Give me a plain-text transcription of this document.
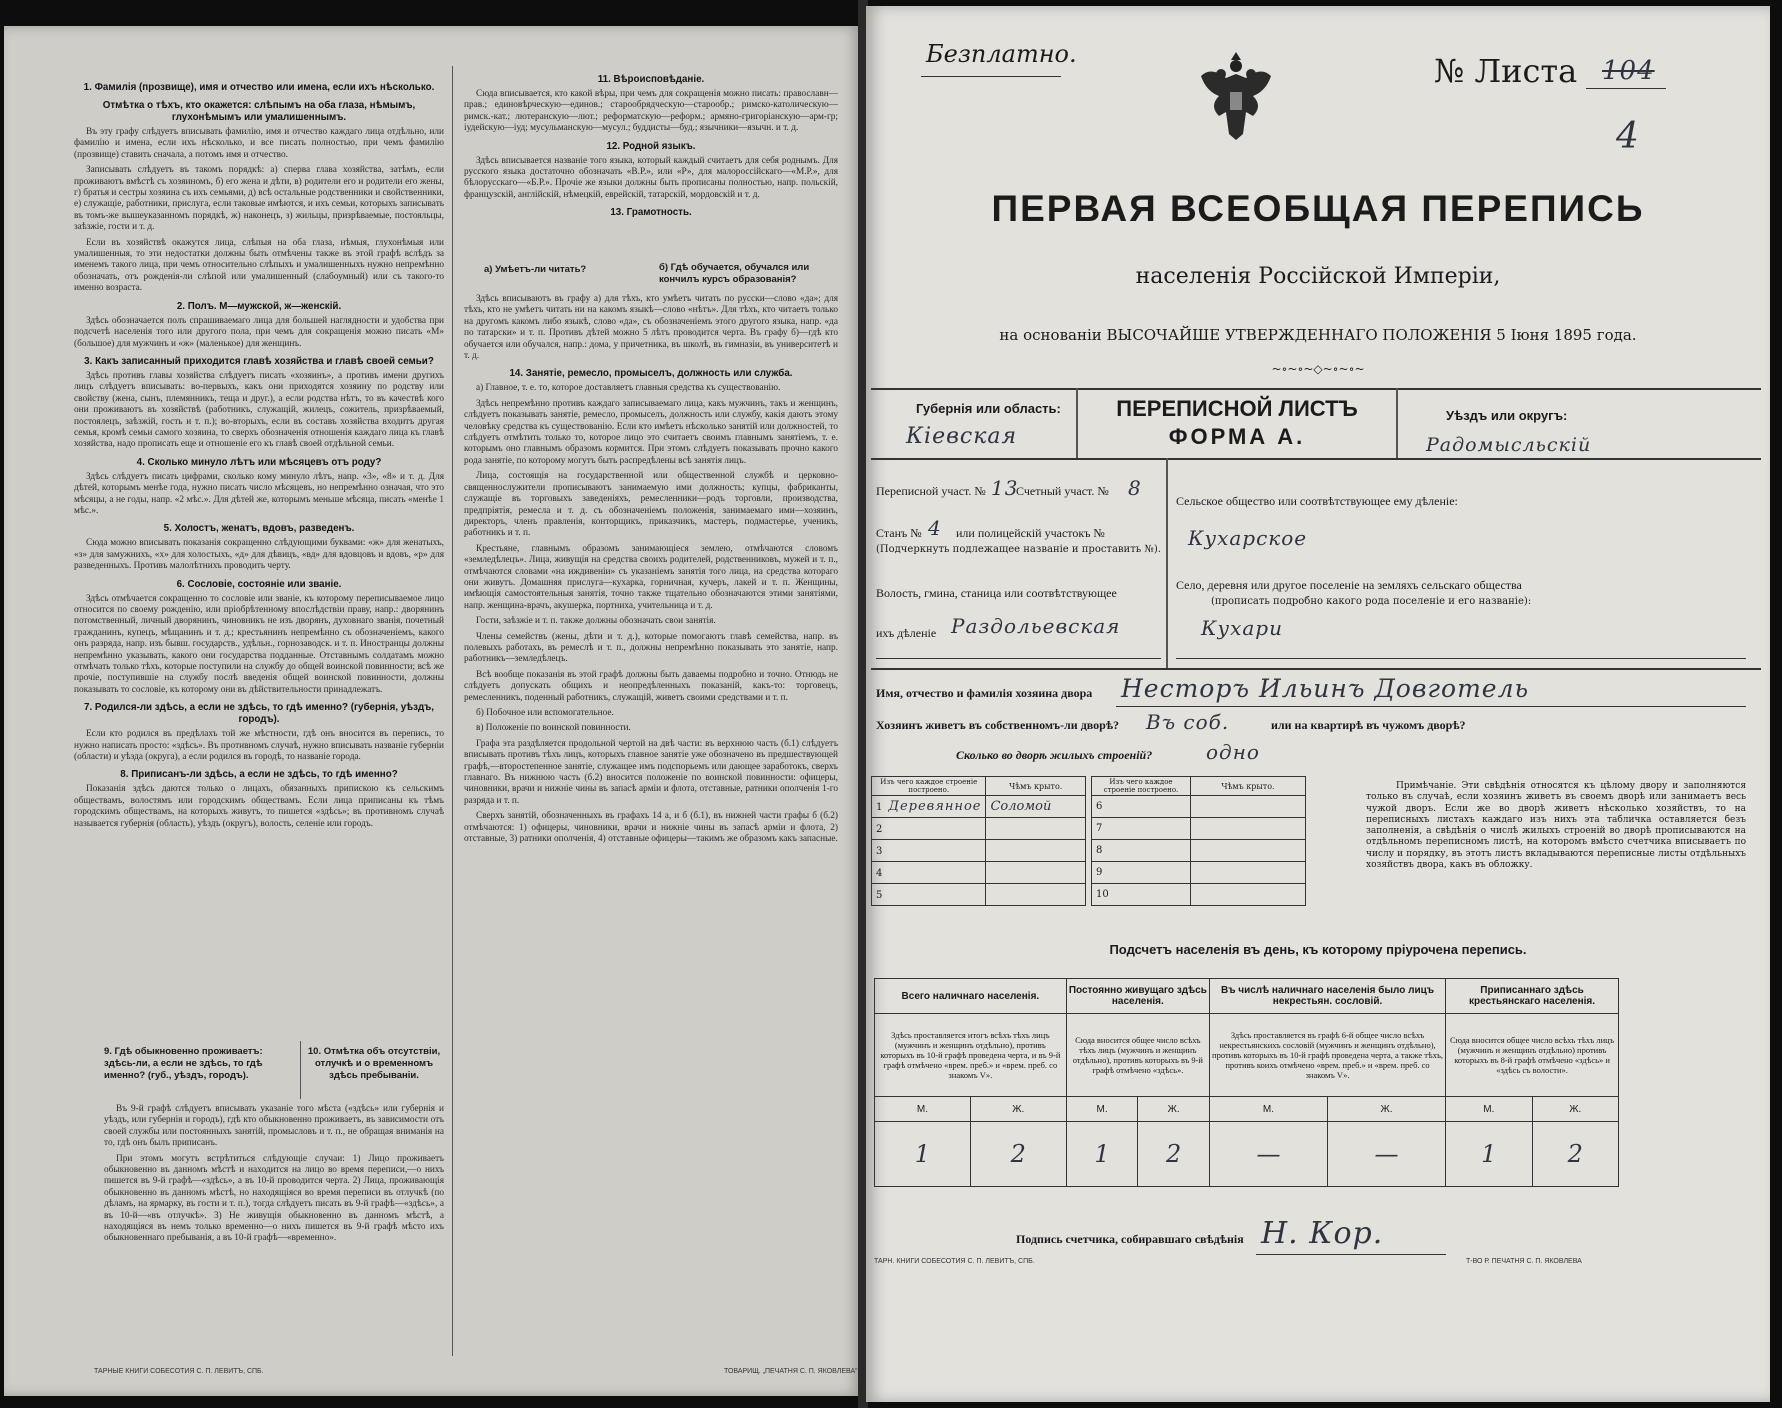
1. Фамилія (прозвище), имя и отчество или имена, если ихъ нѣсколько.
Отмѣтка о тѣхъ, кто окажется: слѣпымъ на оба глаза, нѣмымъ, глухонѣмымъ или умалишеннымъ.

Въ эту графу слѣдуетъ вписывать фамилію, имя и отчество каждаго лица отдѣльно, или фамилію и имена, если ихъ нѣсколько, и все писать полностью, при чемъ фамилію (прозвище) ставить сначала, а потомъ имя и отчество.

Записывать слѣдуетъ въ такомъ порядкѣ: а) сперва глава хозяйства, затѣмъ, если проживаютъ вмѣстѣ съ хозяиномъ, б) его жена и дѣти, в) родители его и родители его жены, г) братья и сестры хозяина съ ихъ семьями, д) всѣ остальные родственники и свойственники, е) служащіе, работники, прислуга, если таковые имѣются, и ихъ семьи, которыхъ записывать въ томъ-же вышеуказанномъ порядкѣ, ж) наконецъ, з) жильцы, призрѣваемые, постояльцы, заѣзжіе, гости и т. д.

Если въ хозяйствѣ окажутся лица, слѣпыя на оба глаза, нѣмыя, глухонѣмыя или умалишенныя, то эти недостатки должны быть отмѣчены также въ этой графѣ вслѣдъ за именемъ такого лица, при чемъ относительно слѣпыхъ и умалишенныхъ нужно непремѣнно обозначать, отъ рожденія-ли слѣпой или умалишенный (слабоумный) или съ такого-то именно возраста.

2. Полъ. М—мужской, ж—женскій.

Здѣсь обозначается полъ спрашиваемаго лица для большей наглядности и удобства при подсчетѣ населенія того или другого пола, при чемъ для сокращенія можно писать «М» (большое) для мужчинъ и «ж» (маленькое) для женщинъ.

3. Какъ записанный приходится главѣ хозяйства и главѣ своей семьи?

Здѣсь противъ главы хозяйства слѣдуетъ писать «хозяинъ», а противъ имени другихъ лицъ слѣдуетъ вписывать: во-первыхъ, какъ они приходятся хозяину по родству или свойству (жена, сынъ, племянникъ, теща и друг.), а если родства нѣтъ, то въ качествѣ кого они проживаютъ въ хозяйствѣ (работникъ, служащій, жилецъ, сожитель, призрѣваемый, постоялецъ, заѣзжій, гость и т. п.); во-вторыхъ, если въ составъ хозяйства входитъ другая семья, кромѣ семьи самого хозяина, то сверхъ обозначенія отношенія каждаго лица къ главѣ хозяйства, надо прописать еще и отношеніе его къ главѣ своей отдѣльной семьи.

4. Сколько минуло лѣтъ или мѣсяцевъ отъ роду?

Здѣсь слѣдуетъ писать цифрами, сколько кому минуло лѣтъ, напр. «3», «8» и т. д. Для дѣтей, которымъ менѣе года, нужно писать число мѣсяцевъ, но непремѣнно означая, что это мѣсяцы, а не годы, напр. «2 мѣс.». Для дѣтей же, которымъ меньше мѣсяца, писать «менѣе 1 мѣс.».

5. Холостъ, женатъ, вдовъ, разведенъ.

Сюда можно вписывать показанія сокращенно слѣдующими буквами: «ж» для женатыхъ, «з» для замужнихъ, «х» для холостыхъ, «д» для дѣвицъ, «вд» для вдовцовъ и вдовъ, «р» для разведенныхъ. Противъ малолѣтнихъ проводить черту.

6. Сословіе, состояніе или званіе.

Здѣсь отмѣчается сокращенно то сословіе или званіе, къ которому переписываемое лицо относится по своему рожденію, или пріобрѣтенному впослѣдствіи праву, напр.: дворянинъ потомственный, личный дворянинъ, чиновникъ не изъ дворянъ, духовнаго званія, почетный гражданинъ, купецъ, мѣщанинъ и т. д.; крестьянинъ непремѣнно съ обозначеніемъ, какого онъ разряда, напр. изъ бывш. государств., удѣльн., горнозаводск. и т. п. Иностранцы должны непремѣнно указывать, какого они государства подданные. Отставнымъ солдатамъ можно отмѣчать только тѣхъ, которые поступили на службу до общей воинской повинности; всѣ же прочіе, поступившіе на службу послѣ введенія общей воинской повинности, должны показывать то сословіе, къ которому они въ дѣйствительности принадлежатъ.

7. Родился-ли здѣсь, а если не здѣсь, то гдѣ именно? (губернія, уѣздъ, городъ).

Если кто родился въ предѣлахъ той же мѣстности, гдѣ онъ вносится въ перепись, то нужно написать просто: «здѣсь». Въ противномъ случаѣ, нужно вписывать названіе губерніи (области) и уѣзда (округа), а если родился въ городѣ, то названіе города.

8. Приписанъ-ли здѣсь, а если не здѣсь, то гдѣ именно?

Показанія здѣсь даются только о лицахъ, обязанныхъ припискою къ сельскимъ обществамъ, волостямъ или городскимъ обществамъ. Если лица приписаны къ тѣмъ городскимъ обществамъ, на которыхъ живутъ, то пишется «здѣсь»; въ противномъ случаѣ называется губернія (область), уѣздъ (округъ), волость, селеніе или городъ.

9. Гдѣ обыкновенно проживаетъ: здѣсь-ли, а если не здѣсь, то гдѣ именно? (губ., уѣздъ, городъ).
10. Отмѣтка объ отсутствіи, отлучкѣ и о временномъ здѣсь пребываніи.

Въ 9-й графѣ слѣдуетъ вписывать указаніе того мѣста («здѣсь» или губернія и уѣздъ, или губернія и городъ), гдѣ кто обыкновенно проживаетъ, въ зависимости отъ своей службы или постоянныхъ занятій, промысловъ и т. п., не обращая вниманія на то, гдѣ онъ былъ приписанъ.

При этомъ могутъ встрѣтиться слѣдующіе случаи: 1) Лицо проживаетъ обыкновенно въ данномъ мѣстѣ и находится на лицо во время переписи,—о нихъ пишется въ 9-й графѣ—«здѣсь», а въ 10-й проводится черта. 2) Лица, проживающія обыкновенно въ данномъ мѣстѣ, но находящіяся во время переписи въ отлучкѣ (по дѣламъ, на ярмарку, въ гости и т. п.), тогда слѣдуетъ писать въ 9-й графѣ—«здѣсь», а въ 10-й—«въ отлучкѣ». 3) Не живущія обыкновенно въ данномъ мѣстѣ, а находящіяся въ немъ только временно—о нихъ пишется въ 9-й графѣ мѣсто ихъ обыкновеннаго пребыванія, а въ 10-й графѣ—«временно».

11. Вѣроисповѣданіе.

Сюда вписывается, кто какой вѣры, при чемъ для сокращенія можно писать: православн—прав.; единовѣрческую—единов.; старообрядческую—старообр.; римско-католическую—римск.-кат.; лютеранскую—лют.; реформатскую—реформ.; армяно-григоріанскую—арм-гр; іудейскую—іуд; мусульманскую—мусул.; буддисты—буд.; язычники—язычн. и т. д.

12. Родной языкъ.

Здѣсь вписывается названіе того языка, который каждый считаетъ для себя роднымъ. Для русского языка достаточно обозначать «В.Р.», или «Р», для малороссійскаго—«М.Р.», для бѣлорусскаго—«Б.Р.». Прочіе же языки должны быть прописаны полностью, напр. польскій, французскій, англійскій, нѣмецкій, еврейскій, татарскій, мордовскій и т. д.

13. Грамотность.
а) Умѣетъ-ли читать?	б) Гдѣ обучается, обучался или кончилъ курсъ образованія?

Здѣсь вписываютъ въ графу а) для тѣхъ, кто умѣетъ читать по русски—слово «да»; для тѣхъ, кто не умѣетъ читать ни на какомъ языкѣ—слово «нѣтъ». Для тѣхъ, кто читаетъ только на другомъ какомъ либо языкѣ, слово «да», съ обозначеніемъ этого другого языка, напр. «да по татарски» и т. п. Противъ дѣтей можно 5 лѣтъ проводится черта. Въ графу б)—гдѣ кто обучается или обучался, напр.: дома, у причетника, въ школѣ, въ гимназіи, въ университетѣ и т. д.

14. Занятіе, ремесло, промыселъ, должность или служба.

а) Главное, т. е. то, которое доставляетъ главныя средства къ существованію.

Здѣсь непремѣнно противъ каждаго записываемаго лица, какъ мужчинъ, такъ и женщинъ, слѣдуетъ показывать занятіе, ремесло, промыселъ, должность или службу, какія даютъ этому человѣку средства къ существованію. Если кто имѣетъ нѣсколько занятій или должностей, то слѣдуетъ отмѣтить только то, которое лицо это считаетъ своимъ главнымъ занятіемъ, т. е. которымъ оно главнымъ образомъ кормится. При этомъ слѣдуетъ показывать прочно какого рода занятіе, по которому могутъ быть распредѣлены всѣ занятія лицъ.

Лица, состоящія на государственной или общественной службѣ и церковно-священнослужители прописываютъ занимаемую ими должность; купцы, фабриканты, служащіе въ торговыхъ заведеніяхъ, ремесленники—родъ торговли, производства, предпріятія, ремесла и т. д. съ обозначеніемъ положенія, занимаемаго ими—хозяинъ, директоръ, членъ правленія, конторщикъ, приказчикъ, мастеръ, подмастерье, ученикъ, работникъ и т. п.

Крестьяне, главнымъ образомъ занимающіеся землею, отмѣчаются словомъ «земледѣлецъ». Лица, живущія на средства своихъ родителей, родственниковъ, мужей и т. п., отмѣчаются словами «на иждивеніи» съ указаніемъ занятія того лица, на средства котораго они живутъ. Домашняя прислуга—кухарка, горничная, кучеръ, лакей и т. п. Женщины, имѣющія самостоятельныя занятія, точно также тщательно обозначаются этими занятіями, напр. женщина-врачъ, акушерка, портниха, учительница и т. д.

Гости, заѣзжіе и т. п. также должны обозначать свои занятія.

Члены семействъ (жены, дѣти и т. д.), которые помогаютъ главѣ семейства, напр. въ полевыхъ работахъ, въ ремеслѣ и т. п., должны непремѣнно показывать это занятіе, напр. работникъ—земледѣлецъ.

Всѣ вообще показанія въ этой графѣ должны быть даваемы подробно и точно. Отнюдь не слѣдуетъ допускать общихъ и неопредѣленныхъ показаній, какъ-то: торговецъ, ремесленникъ, поденный работникъ, служащій, живетъ своими средствами и т. п.

б) Побочное или вспомогательное.

в) Положеніе по воинской повинности.

Графа эта раздѣляется продольной чертой на двѣ части: въ верхнюю часть (б.1) слѣдуетъ вписывать противъ тѣхъ лицъ, которыхъ главное занятіе уже обозначено въ предшествующей графѣ,—второстепенное занятіе, служащее имъ подспорьемъ или дающее заработокъ, сверхъ главнаго. Въ нижнюю часть (б.2) вносится положеніе по воинской повинности: офицеры, чиновники, врачи и нижніе чины въ запасѣ арміи и флота, отставные, ратники ополченія 1-го разряда и т. п.

Сверхъ занятій, обозначенныхъ въ графахъ 14 а, и б (б.1), въ нижней части графы б (б.2) отмѣчаются: 1) офицеры, чиновники, врачи и нижніе чины въ запасѣ арміи и флота, 2) отставные, 3) ратники ополченія, 4) отставные офицеры—такимъ же образомъ какъ запасные.

ТАРНЫЕ КНИГИ СОБЕСОТИЯ С. П. ЛЕВИТЪ, СПБ.	ТОВАРИЩ. „ПЕЧАТНЯ С. П. ЯКОВЛЕВА“
Безплатно.	№ Листа 104
4
ПЕРВАЯ ВСЕОБЩАЯ ПЕРЕПИСЬ
населенія Россійской Имперіи,
на основаніи ВЫСОЧАЙШЕ УТВЕРЖДЕННАГО ПОЛОЖЕНІЯ 5 Іюня 1895 года.
~∘~∘~◇~∘~∘~
Губернія или область:
Кіевская
ПЕРЕПИСНОЙ ЛИСТЪ
ФОРМА А.
Уѣздъ или округъ:
Радомысльскій
Переписной участ. № 13
Счетный участ. № 8
Станъ № 4 или полицейскій участокъ №
(Подчеркнуть подлежащее названіе и проставить №).
Волость, гмина, станица или соотвѣтствующее
ихъ дѣленіе Раздольевская
Сельское общество или соотвѣтствующее ему дѣленіе:
Кухарское
Село, деревня или другое поселеніе на земляхъ сельскаго общества
(прописать подробно какого рода поселеніе и его названіе):
Кухари
Имя, отчество и фамилія хозяина двора Несторъ Ильинъ Довготель
Хозяинъ живетъ въ собственномъ-ли дворѣ? Въ соб.	или на квартирѣ въ чужомъ дворѣ?
Сколько во дворѣ жилыхъ строеній?	одно
Изъ чего каждое строеніе построено.	Чѣмъ крыто.
1 Деревянное	Соломой
2	
3	
4	
5	
Изъ чего каждое строеніе построено.	Чѣмъ крыто.
6	
7	
8	
9	
10	
Примѣчаніе. Эти свѣдѣнія относятся къ цѣлому двору и заполняются только въ случаѣ, если хозяинъ живетъ въ своемъ дворѣ или занимаетъ весь чужой дворъ. Если же во дворѣ живетъ нѣсколько хозяйствъ, то на переписныхъ листахъ каждаго изъ нихъ эта табличка оставляется безъ заполненія, а свѣдѣнія о числѣ жилыхъ строеній во дворѣ прописываются на отдѣльномъ переписномъ листѣ, на которомъ вмѣсто счетчика вписываетъ по числу и порядку, въ этотъ листъ вкладываются переписные листы отдѣльныхъ хозяйствъ двора, какъ въ обложку.
Подсчетъ населенія въ день, къ которому пріурочена перепись.
Всего наличнаго населенія.		Постоянно живущаго здѣсь населенія.		Въ числѣ наличнаго населенія было лицъ некрестьян. сословій.		Приписаннаго здѣсь крестьянскаго населенія.	
Здѣсь проставляется итогъ всѣхъ тѣхъ лицъ (мужчинъ и женщинъ отдѣльно), противъ которыхъ въ 10-й графѣ проведена черта, и въ 9-й графѣ отмѣчено «врем. преб.» и «врем. преб. со знакомъ V».		Сюда вносится общее число всѣхъ тѣхъ лицъ (мужчинъ и женщинъ отдѣльно), противъ которыхъ въ 9-й графѣ отмѣчено «здѣсь».		Здѣсь проставляется въ графѣ 6-й общее число всѣхъ некрестьянскихъ сословій (мужчинъ и женщинъ отдѣльно), противъ которыхъ въ 10-й графѣ проведена черта, а также тѣхъ, противъ коихъ отмѣчено «врем. преб.» и «врем. преб. со знакомъ V».		Сюда вносится общее число всѣхъ тѣхъ лицъ (мужчинъ и женщинъ отдѣльно) противъ которыхъ въ 8-й графѣ отмѣчено «здѣсь» и «здѣсь съ волости».	
М.	Ж.	М.	Ж.	М.	Ж.	М.	Ж.
1	2	1	2	—	—	1	2
Подпись счетчика, собиравшаго свѣдѣнія Н. Кор.
ТАРН. КНИГИ СОБЕСОТИЯ С. П. ЛЕВИТЪ, СПБ.	Т-ВО Р. ПЕЧАТНЯ С. П. ЯКОВЛЕВА
